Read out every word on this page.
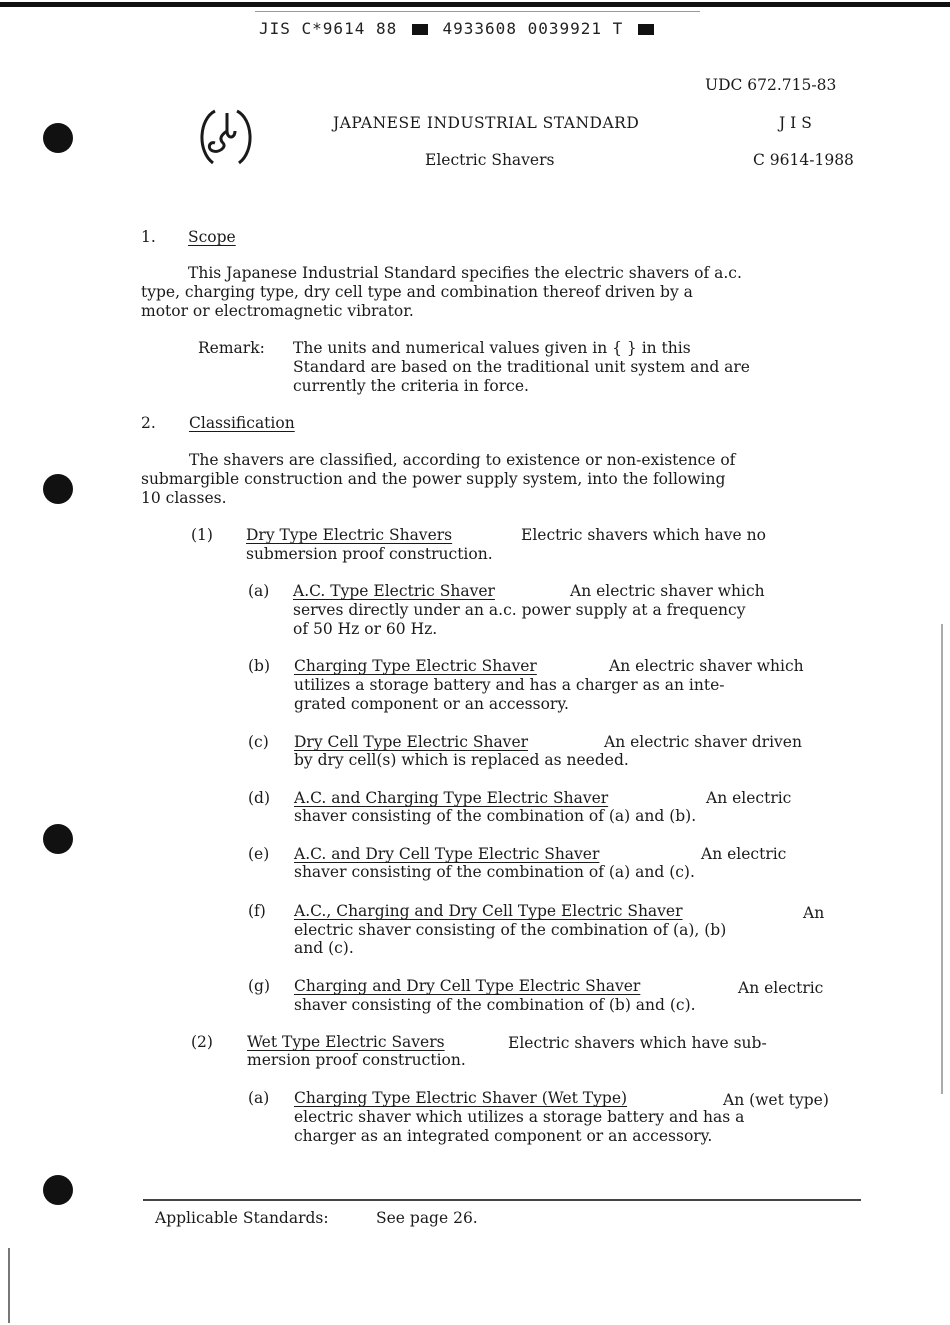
JIS C*9614 88	4933608 0039921 T
UDC 672.715-83
JAPANESE INDUSTRIAL STANDARD	J I S
Electric Shavers	C 9614-1988
1. Scope
This Japanese Industrial Standard specifies the electric shavers of a.c.
type, charging type, dry cell type and combination thereof driven by a
motor or electromagnetic vibrator.
Remark: The units and numerical values given in { } in this
Standard are based on the traditional unit system and are
currently the criteria in force.
2. Classification
The shavers are classified, according to existence or non-existence of
submargible construction and the power supply system, into the following
10 classes.
(1) Dry Type Electric Shavers	Electric shavers which have no
submersion proof construction.
(a) A.C. Type Electric Shaver	An electric shaver which
serves directly under an a.c. power supply at a frequency
of 50 Hz or 60 Hz.
(b) Charging Type Electric Shaver	An electric shaver which
utilizes a storage battery and has a charger as an inte-
grated component or an accessory.
(c) Dry Cell Type Electric Shaver	An electric shaver driven
by dry cell(s) which is replaced as needed.
(d) A.C. and Charging Type Electric Shaver	An electric
shaver consisting of the combination of (a) and (b).
(e) A.C. and Dry Cell Type Electric Shaver	An electric
shaver consisting of the combination of (a) and (c).
(f) A.C., Charging and Dry Cell Type Electric Shaver	An
electric shaver consisting of the combination of (a), (b)
and (c).
(g) Charging and Dry Cell Type Electric Shaver	An electric
shaver consisting of the combination of (b) and (c).
(2) Wet Type Electric Savers	Electric shavers which have sub-
mersion proof construction.
(a) Charging Type Electric Shaver (Wet Type)	An (wet type)
electric shaver which utilizes a storage battery and has a
charger as an integrated component or an accessory.
Applicable Standards:	See page 26.
